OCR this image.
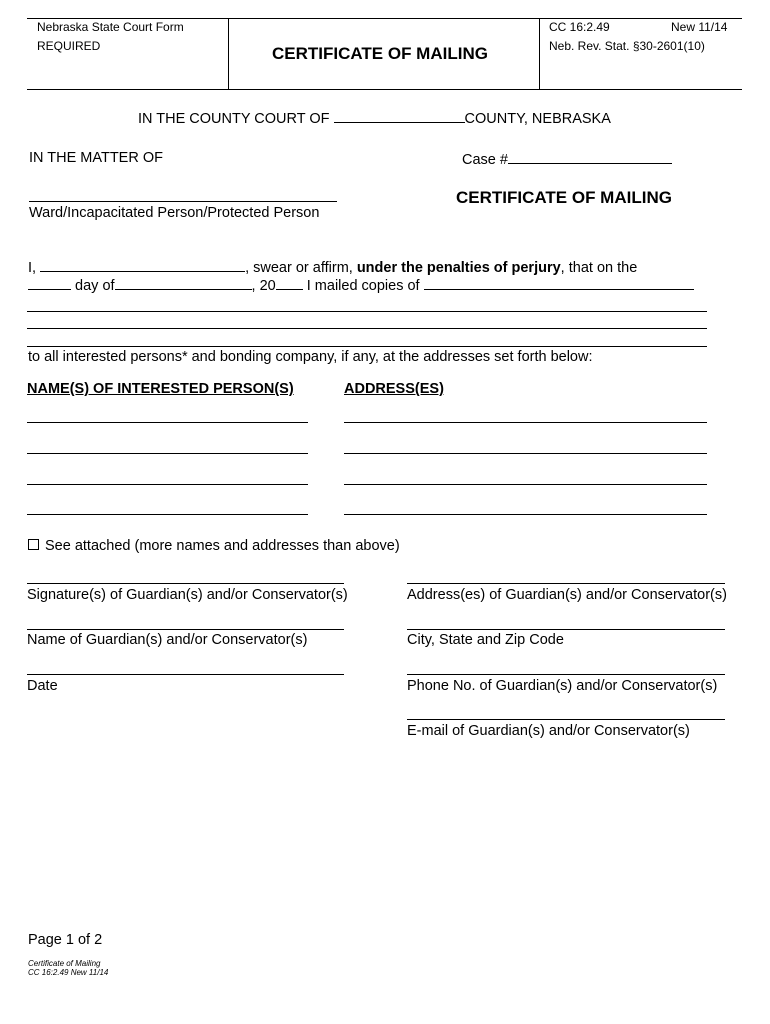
Nebraska State Court Form
REQUIRED	CERTIFICATE OF MAILING
CC 16:2.49	New 11/14
Neb. Rev. Stat. §30-2601(10)
IN THE COUNTY COURT OF	COUNTY, NEBRASKA
IN THE MATTER OF	Case #
Ward/Incapacitated Person/Protected Person
CERTIFICATE OF MAILING
I,	, swear or affirm, under the penalties of perjury, that on the
day of	, 20 I mailed copies of
to all interested persons* and bonding company, if any, at the addresses set forth below:
NAME(S) OF INTERESTED PERSON(S)	ADDRESS(ES)
See attached (more names and addresses than above)
Signature(s) of Guardian(s) and/or Conservator(s)
Name of Guardian(s) and/or Conservator(s)
Date
Address(es) of Guardian(s) and/or Conservator(s)
City, State and Zip Code
Phone No. of Guardian(s) and/or Conservator(s)
E-mail of Guardian(s) and/or Conservator(s)
Page 1 of 2
Certificate of Mailing
CC 16:2.49 New 11/14
